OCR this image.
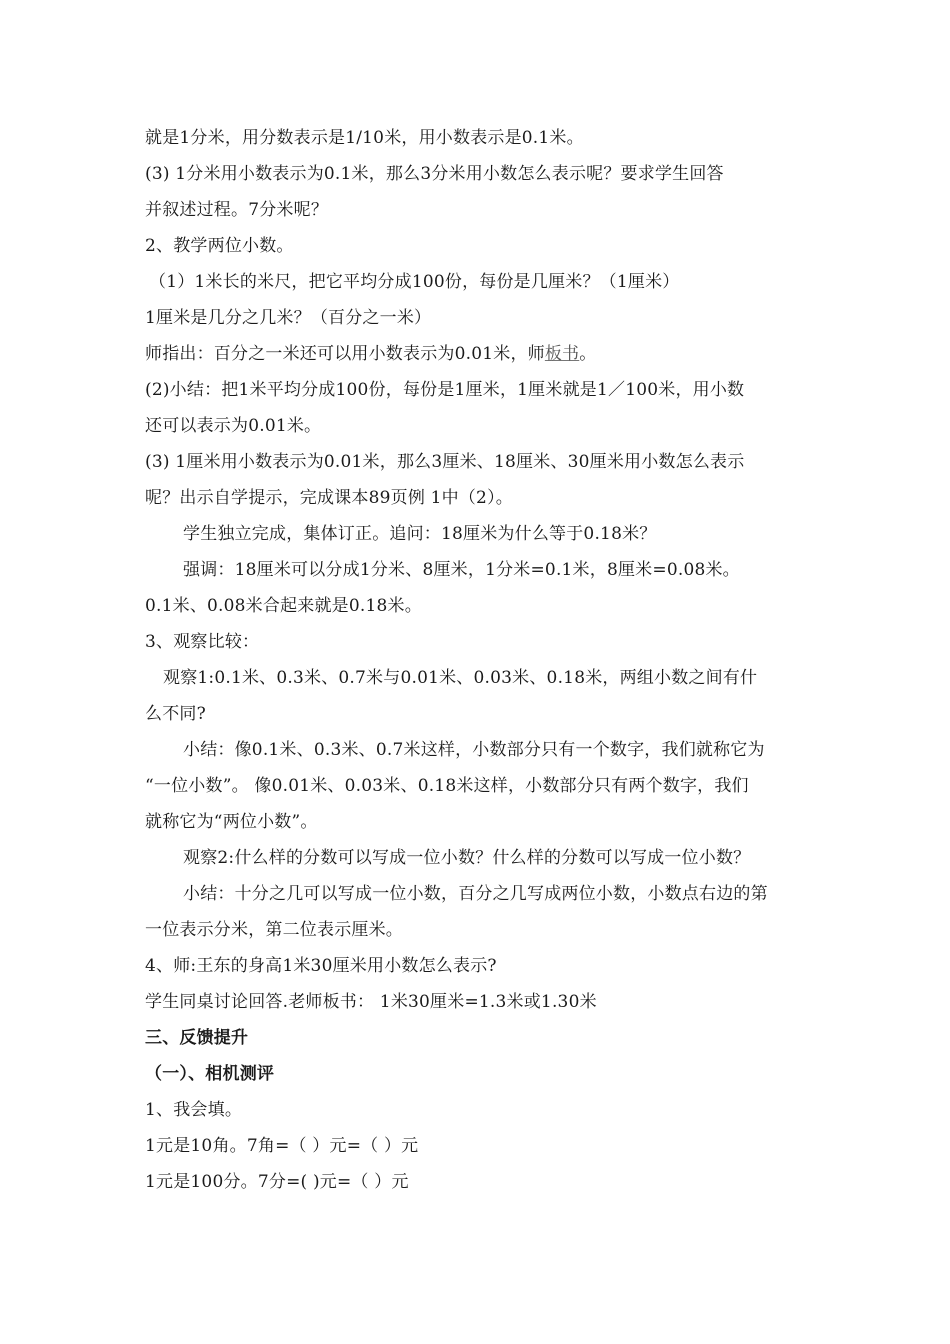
就是1分米，用分数表示是1/10米，用小数表示是0.1米。
(3) 1分米用小数表示为0.1米，那么3分米用小数怎么表示呢？要求学生回答
并叙述过程。7分米呢？
2、教学两位小数。
（1）1米长的米尺，把它平均分成100份，每份是几厘米？（1厘米）
1厘米是几分之几米？（百分之一米）
师指出：百分之一米还可以用小数表示为0.01米，师板书。
(2)小结：把1米平均分成100份，每份是1厘米，1厘米就是1／100米，用小数
还可以表示为0.01米。
(3) 1厘米用小数表示为0.01米，那么3厘米、18厘米、30厘米用小数怎么表示
呢？出示自学提示，完成课本89页例 1中（2）。
学生独立完成，集体订正。追问：18厘米为什么等于0.18米？
强调：18厘米可以分成1分米、8厘米，1分米=0.1米，8厘米=0.08米。
0.1米、0.08米合起来就是0.18米。
3、观察比较：
观察1:0.1米、0.3米、0.7米与0.01米、0.03米、0.18米，两组小数之间有什
么不同?
小结：像0.1米、0.3米、0.7米这样，小数部分只有一个数字，我们就称它为
“一位小数”。 像0.01米、0.03米、0.18米这样，小数部分只有两个数字，我们
就称它为“两位小数”。
观察2:什么样的分数可以写成一位小数？什么样的分数可以写成一位小数？
小结：十分之几可以写成一位小数，百分之几写成两位小数，小数点右边的第
一位表示分米，第二位表示厘米。
4、师:王东的身高1米30厘米用小数怎么表示?
学生同桌讨论回答.老师板书： 1米30厘米=1.3米或1.30米
三、反馈提升
（一）、相机测评
1、我会填。
1元是10角。7角=（ ）元=（ ）元
1元是100分。7分=( )元=（ ）元
